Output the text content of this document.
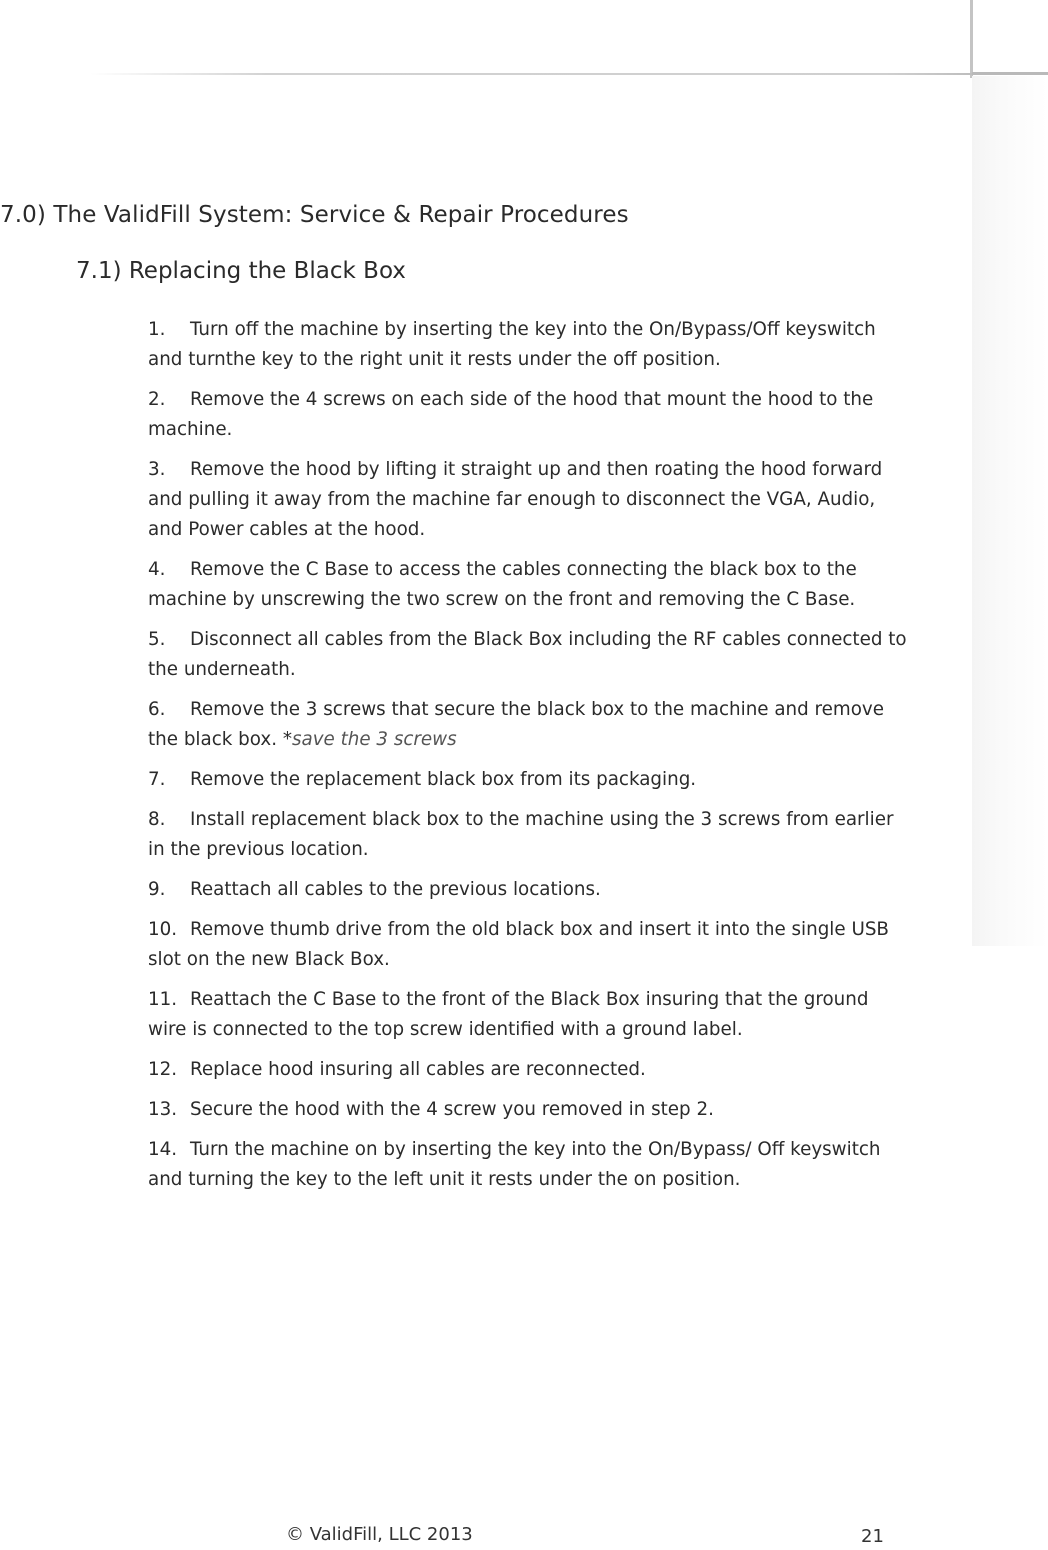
7.0) The ValidFill System: Service & Repair Procedures
7.1) Replacing the Black Box
1. Turn off the machine by inserting the key into the On/Bypass/Off keyswitch and turnthe key to the right unit it rests under the off position.
2. Remove the 4 screws on each side of the hood that mount the hood to the machine.
3. Remove the hood by lifting it straight up and then roating the hood forward and pulling it away from the machine far enough to disconnect the VGA, Audio, and Power cables at the hood.
4. Remove the C Base to access the cables connecting the black box to the machine by unscrewing the two screw on the front and removing the C Base.
5. Disconnect all cables from the Black Box including the RF cables connected to the underneath.
6. Remove the 3 screws that secure the black box to the machine and remove the black box. *save the 3 screws
7. Remove the replacement black box from its packaging.
8. Install replacement black box to the machine using the 3 screws from earlier in the previous location.
9. Reattach all cables to the previous locations.
10. Remove thumb drive from the old black box and insert it into the single USB slot on the new Black Box.
11. Reattach the C Base to the front of the Black Box insuring that the ground wire is connected to the top screw identified with a ground label.
12. Replace hood insuring all cables are reconnected.
13. Secure the hood with the 4 screw you removed in step 2.
14. Turn the machine on by inserting the key into the On/Bypass/ Off keyswitch and turning the key to the left unit it rests under the on position.
© ValidFill, LLC 2013	21
